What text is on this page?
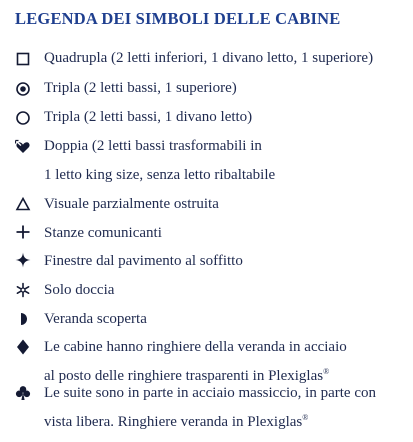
LEGENDA DEI SIMBOLI DELLE CABINE
Quadrupla (2 letti inferiori, 1 divano letto, 1 superiore)
Tripla (2 letti bassi, 1 superiore)
Tripla (2 letti bassi, 1 divano letto)
Doppia (2 letti bassi trasformabili in
1 letto king size, senza letto ribaltabile
Visuale parzialmente ostruita
Stanze comunicanti
Finestre dal pavimento al soffitto
Solo doccia
Veranda scoperta
Le cabine hanno ringhiere della veranda in acciaio
al posto delle ringhiere trasparenti in Plexiglas®
Le suite sono in parte in acciaio massiccio, in parte con
vista libera. Ringhiere veranda in Plexiglas®
